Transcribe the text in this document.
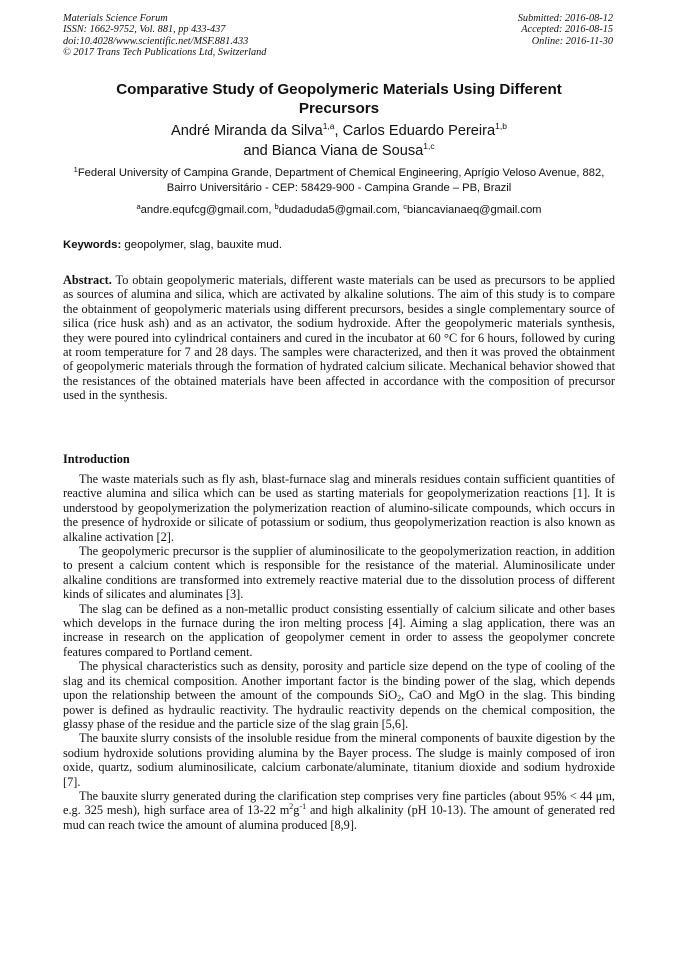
Materials Science Forum
ISSN: 1662-9752, Vol. 881, pp 433-437
doi:10.4028/www.scientific.net/MSF.881.433
© 2017 Trans Tech Publications Ltd, Switzerland
Submitted: 2016-08-12
Accepted: 2016-08-15
Online: 2016-11-30
Comparative Study of Geopolymeric Materials Using Different Precursors
André Miranda da Silva$^{1,a}$, Carlos Eduardo Pereira$^{1,b}$
and Bianca Viana de Sousa$^{1,c}$
$^1$Federal University of Campina Grande, Department of Chemical Engineering, Aprígio Veloso Avenue, 882, Bairro Universitário - CEP: 58429-900 - Campina Grande – PB, Brazil
$^a$andre.equfcg@gmail.com, $^b$dudaduda5@gmail.com, $^c$biancavianaeq@gmail.com
Keywords: geopolymer, slag, bauxite mud.
Abstract. To obtain geopolymeric materials, different waste materials can be used as precursors to be applied as sources of alumina and silica, which are activated by alkaline solutions. The aim of this study is to compare the obtainment of geopolymeric materials using different precursors, besides a single complementary source of silica (rice husk ash) and as an activator, the sodium hydroxide. After the geopolymeric materials synthesis, they were poured into cylindrical containers and cured in the incubator at 60 °C for 6 hours, followed by curing at room temperature for 7 and 28 days. The samples were characterized, and then it was proved the obtainment of geopolymeric materials through the formation of hydrated calcium silicate. Mechanical behavior showed that the resistances of the obtained materials have been affected in accordance with the composition of precursor used in the synthesis.
Introduction

The waste materials such as fly ash, blast-furnace slag and minerals residues contain sufficient quantities of reactive alumina and silica which can be used as starting materials for geopolymerization reactions [1]. It is understood by geopolymerization the polymerization reaction of alumino-silicate compounds, which occurs in the presence of hydroxide or silicate of potassium or sodium, thus geopolymerization reaction is also known as alkaline activation [2].

The geopolymeric precursor is the supplier of aluminosilicate to the geopolymerization reaction, in addition to present a calcium content which is responsible for the resistance of the material. Aluminosilicate under alkaline conditions are transformed into extremely reactive material due to the dissolution process of different kinds of silicates and aluminates [3].

The slag can be defined as a non-metallic product consisting essentially of calcium silicate and other bases which develops in the furnace during the iron melting process [4]. Aiming a slag application, there was an increase in research on the application of geopolymer cement in order to assess the geopolymer concrete features compared to Portland cement.

The physical characteristics such as density, porosity and particle size depend on the type of cooling of the slag and its chemical composition. Another important factor is the binding power of the slag, which depends upon the relationship between the amount of the compounds SiO$_2$, CaO and MgO in the slag. This binding power is defined as hydraulic reactivity. The hydraulic reactivity depends on the chemical composition, the glassy phase of the residue and the particle size of the slag grain [5,6].

The bauxite slurry consists of the insoluble residue from the mineral components of bauxite digestion by the sodium hydroxide solutions providing alumina by the Bayer process. The sludge is mainly composed of iron oxide, quartz, sodium aluminosilicate, calcium carbonate/aluminate, titanium dioxide and sodium hydroxide [7].

The bauxite slurry generated during the clarification step comprises very fine particles (about 95% < 44 μm, e.g. 325 mesh), high surface area of 13-22 $m^2g^{-1}$ and high alkalinity (pH 10-13). The amount of generated red mud can reach twice the amount of alumina produced [8,9].
